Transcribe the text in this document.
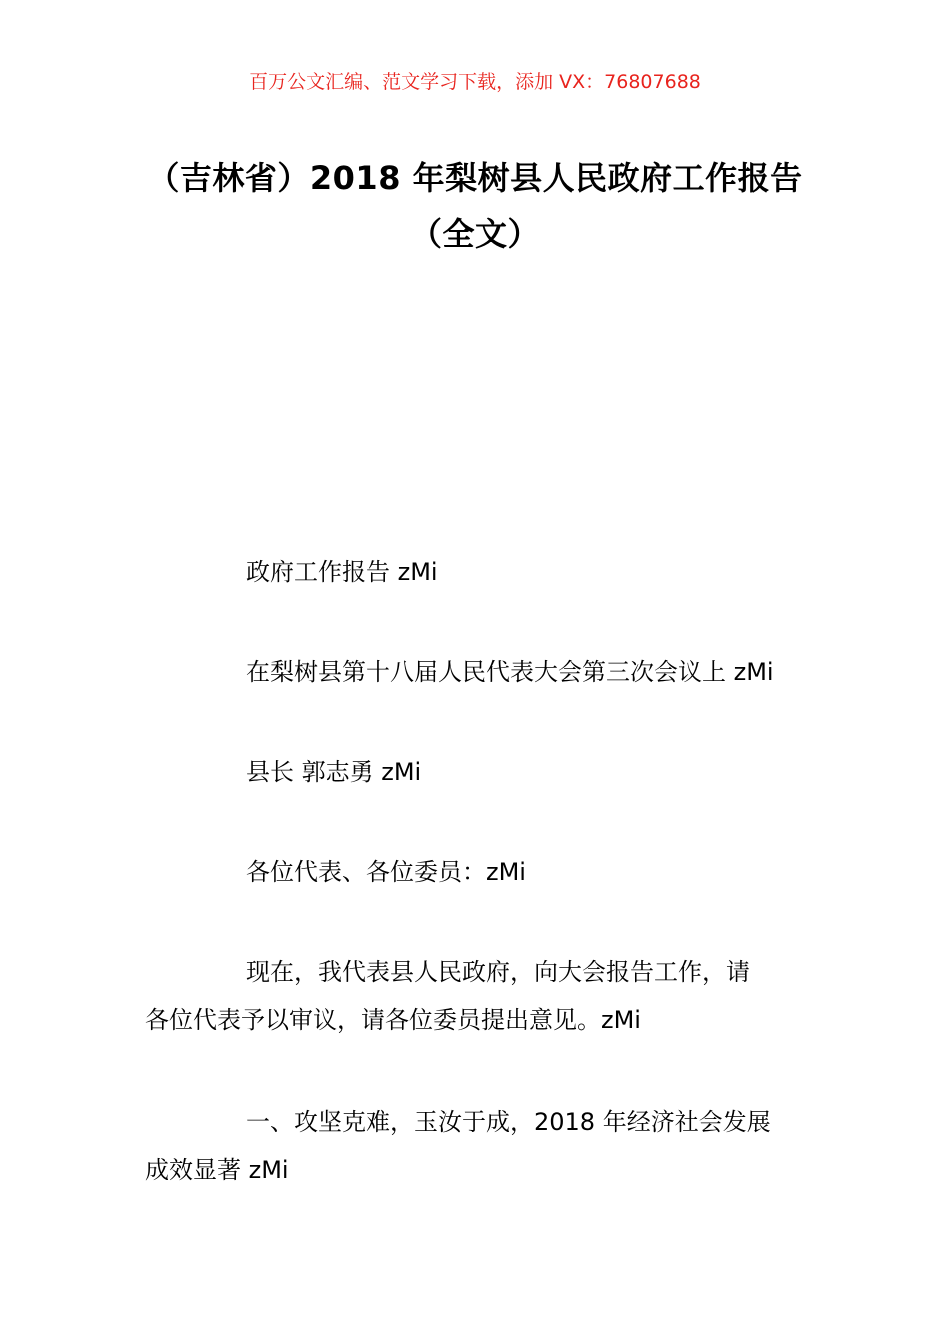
百万公文汇编、范文学习下载，添加 VX：76807688
（吉林省）2018 年梨树县人民政府工作报告（全文）
政府工作报告 zMi
在梨树县第十八届人民代表大会第三次会议上 zMi
县长 郭志勇 zMi
各位代表、各位委员：zMi
现在，我代表县人民政府，向大会报告工作，请
各位代表予以审议，请各位委员提出意见。zMi
一、攻坚克难，玉汝于成，2018 年经济社会发展
成效显著 zMi
